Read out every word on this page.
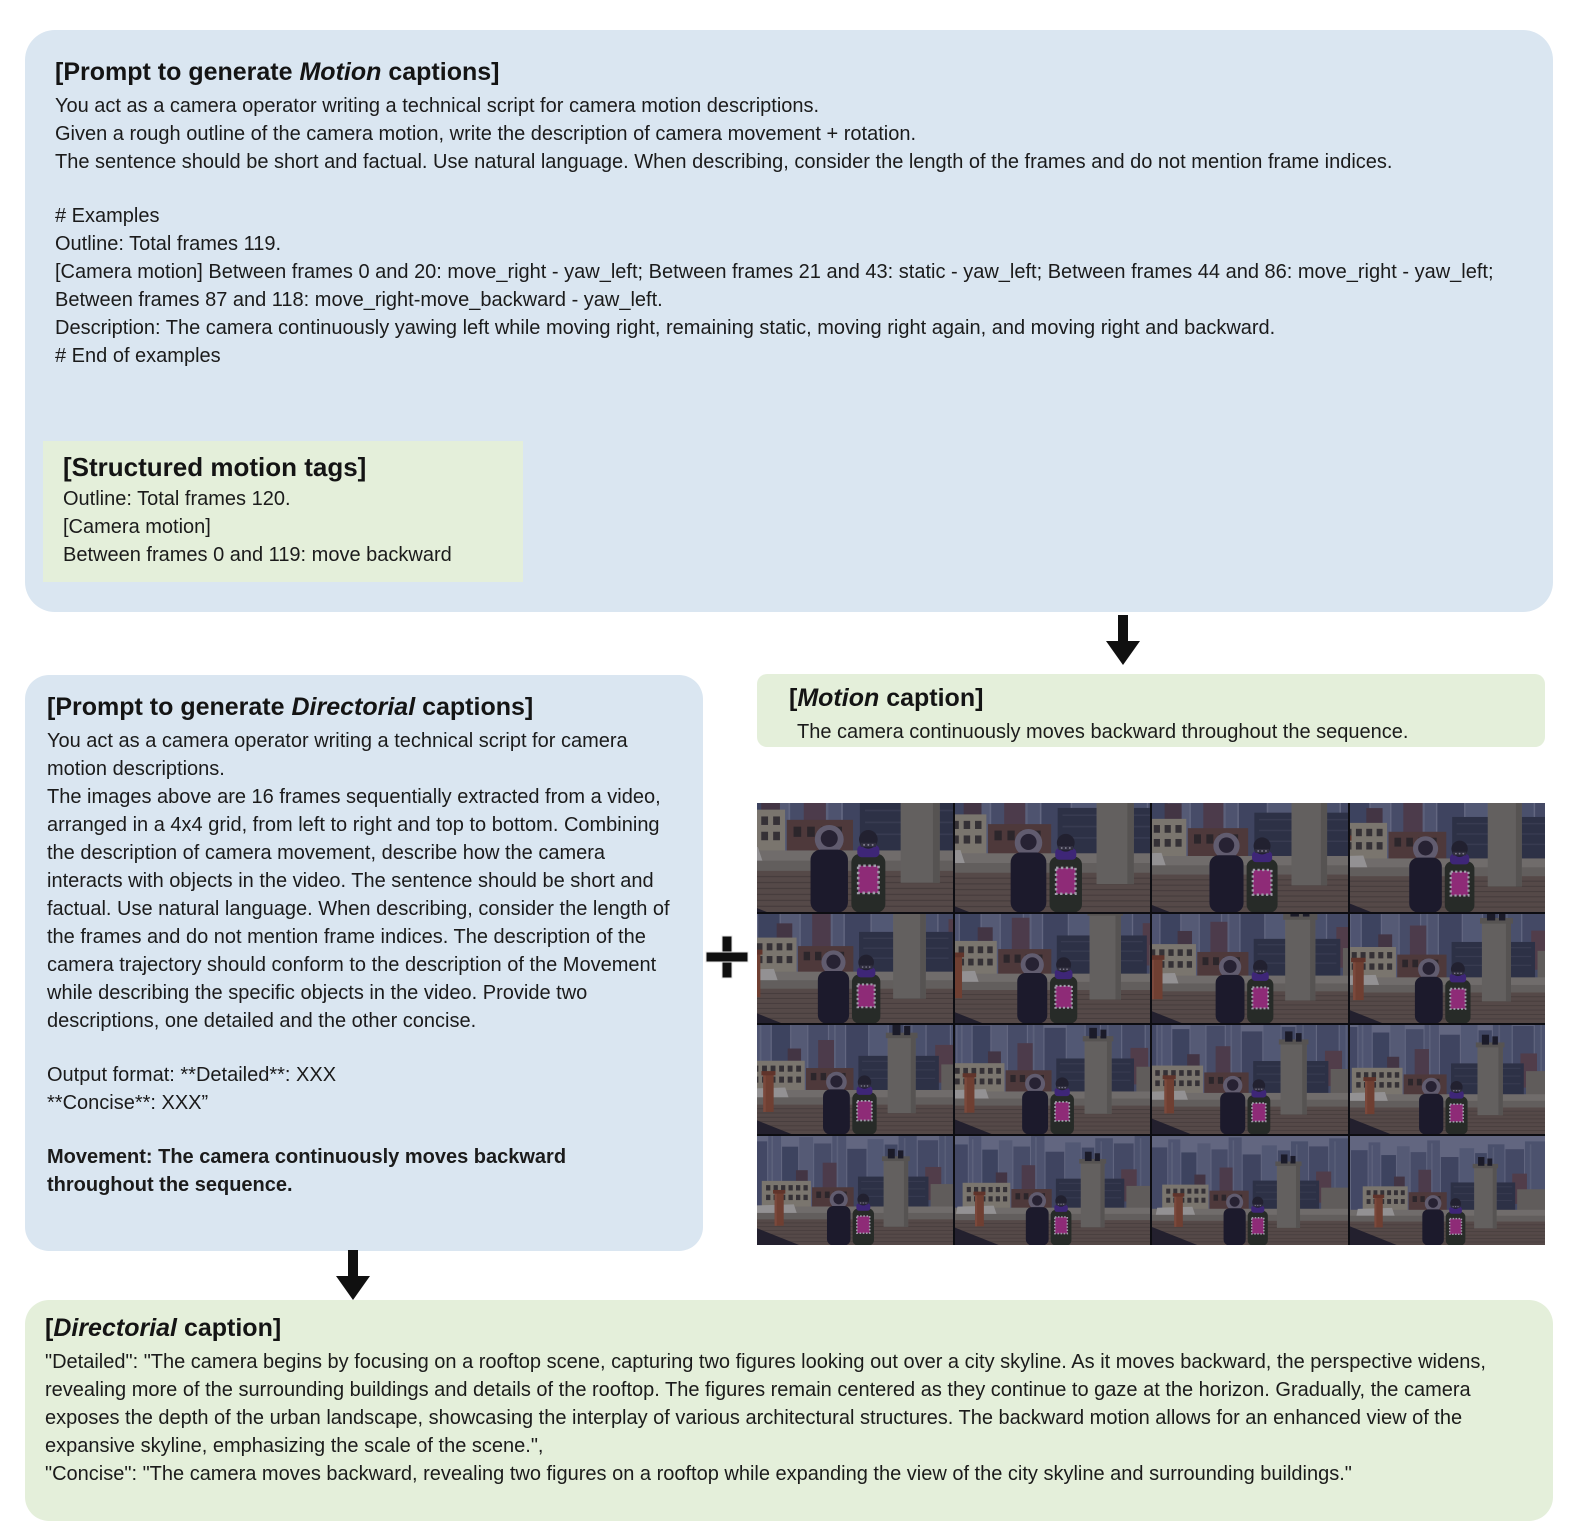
[Prompt to generate Motion captions]

You act as a camera operator writing a technical script for camera motion descriptions.

Given a rough outline of the camera motion, write the description of camera movement + rotation.

The sentence should be short and factual. Use natural language. When describing, consider the length of the frames and do not mention frame indices.

# Examples

Outline: Total frames 119.

[Camera motion] Between frames 0 and 20: move_right - yaw_left; Between frames 21 and 43: static - yaw_left; Between frames 44 and 86: move_right - yaw_left; Between frames 87 and 118: move_right-move_backward - yaw_left.

Description: The camera continuously yawing left while moving right, remaining static, moving right again, and moving right and backward.

# End of examples

[Structured motion tags]

Outline: Total frames 120.

[Camera motion]

Between frames 0 and 119: move backward

[Prompt to generate Directorial captions]

You act as a camera operator writing a technical script for camera motion descriptions.

The images above are 16 frames sequentially extracted from a video, arranged in a 4x4 grid, from left to right and top to bottom. Combining the description of camera movement, describe how the camera interacts with objects in the video. The sentence should be short and factual. Use natural language. When describing, consider the length of the frames and do not mention frame indices. The description of the camera trajectory should conform to the description of the Movement while describing the specific objects in the video. Provide two descriptions, one detailed and the other concise.

Output format: **Detailed**: XXX

**Concise**: XXX”

Movement: The camera continuously moves backward throughout the sequence.

[Motion caption]

The camera continuously moves backward throughout the sequence.

[Directorial caption]

"Detailed": "The camera begins by focusing on a rooftop scene, capturing two figures looking out over a city skyline. As it moves backward, the perspective widens, revealing more of the surrounding buildings and details of the rooftop. The figures remain centered as they continue to gaze at the horizon. Gradually, the camera exposes the depth of the urban landscape, showcasing the interplay of various architectural structures. The backward motion allows for an enhanced view of the expansive skyline, emphasizing the scale of the scene.",

"Concise": "The camera moves backward, revealing two figures on a rooftop while expanding the view of the city skyline and surrounding buildings."
